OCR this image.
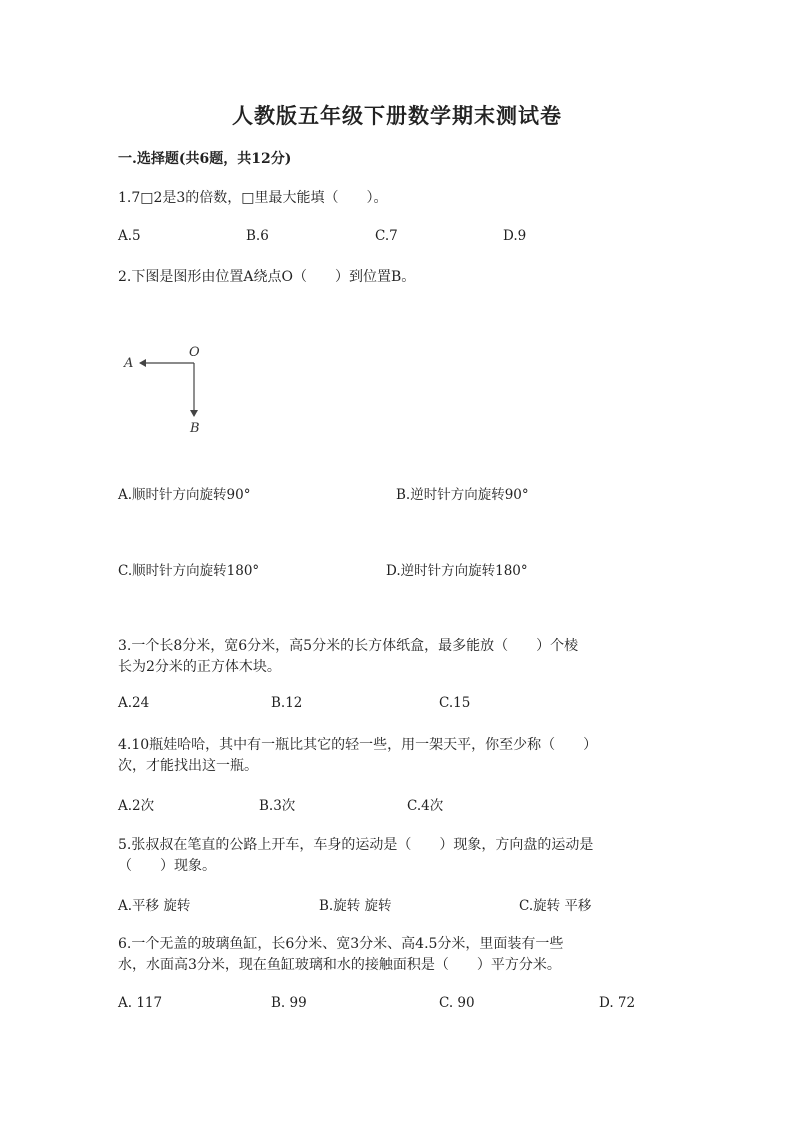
人教版五年级下册数学期末测试卷
一.选择题(共6题，共12分)
1.7□2是3的倍数，□里最大能填（　　）。
A.5	B.6	C.7	D.9
2.下图是图形由位置A绕点O（　　）到位置B。
A
O
B
A.顺时针方向旋转90°	B.逆时针方向旋转90°
C.顺时针方向旋转180°	D.逆时针方向旋转180°
3.一个长8分米，宽6分米，高5分米的长方体纸盒，最多能放（　　）个棱
长为2分米的正方体木块。
A.24	B.12	C.15
4.10瓶娃哈哈，其中有一瓶比其它的轻一些，用一架天平，你至少称（　　）
次，才能找出这一瓶。
A.2次	B.3次	C.4次
5.张叔叔在笔直的公路上开车，车身的运动是（　　）现象，方向盘的运动是
（　　）现象。
A.平移 旋转	B.旋转 旋转	C.旋转 平移
6.一个无盖的玻璃鱼缸，长6分米、宽3分米、高4.5分米，里面装有一些
水，水面高3分米，现在鱼缸玻璃和水的接触面积是（　　）平方分米。
A. 117	B. 99	C. 90	D. 72
